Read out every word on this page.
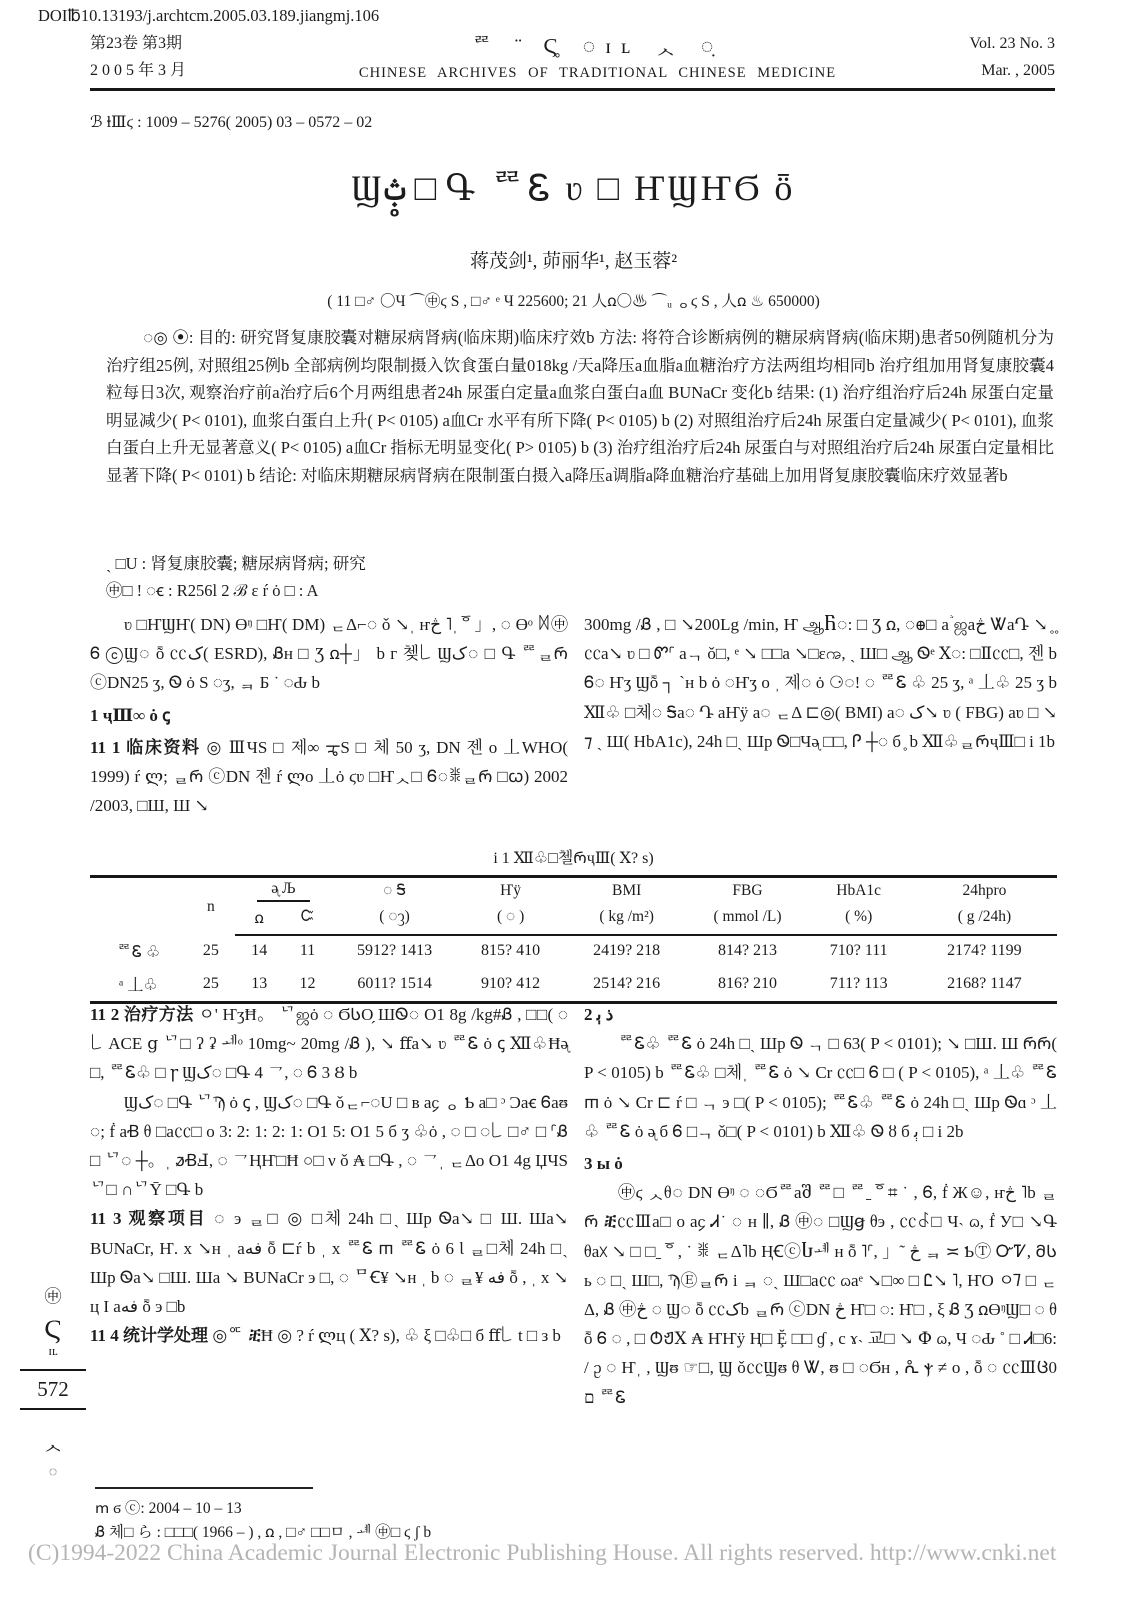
DOI℔10.13193/j.archtcm.2005.03.189.jiangmj.106
第23卷 第3期
2 0 0 5 年 3 月
ᄙᅙ̈ Ϛ̥ ◌ɪʟ ᆺ ◌̣
CHINESE ARCHIVES OF TRADITIONAL CHINESE MEDICINE
Vol. 23 No. 3
Mar. , 2005
ℬ ⱡⅢϛ : 1009 – 5276( 2005) 03 – 0572 – 02
Ϣݑ̥ □ Գ ᄙᏋ ʋ □ ҤϢҤϬ ȫ
蒋茂剑¹, 茆丽华¹, 赵玉蓉²
( 11 □♂ 〇Ч ⌒㊥ϛ S , □♂ ᵉ Ч 225600; 21 人ꭥ〇♨ ⌒ᵤ ᆼϛ S , 人ꭥ ♨ 650000)
◌◎ ⦿: 目的: 研究肾复康胶囊对糖尿病肾病(临床期)临床疗效b 方法: 将符合诊断病例的糖尿病肾病(临床期)患者50例随机分为治疗组25例, 对照组25例b 全部病例均限制摄入饮食蛋白量018kg /天a降压a血脂a血糖治疗方法两组均相同b 治疗组加用肾复康胶囊4粒每日3次, 观察治疗前a治疗后6个月两组患者24h 尿蛋白定量a血浆白蛋白a血 BUNaCr 变化b 结果: (1) 治疗组治疗后24h 尿蛋白定量明显减少( P< 0101), 血浆白蛋白上升( P< 0105) a血Cr 水平有所下降( P< 0105) b (2) 对照组治疗后24h 尿蛋白定量减少( P< 0101), 血浆白蛋白上升无显著意义( P< 0105) a血Cr 指标无明显变化( P> 0105) b (3) 治疗组治疗后24h 尿蛋白与对照组治疗后24h 尿蛋白定量相比显著下降( P< 0101) b 结论: 对临床期糖尿病肾病在限制蛋白摄入a降压a调脂a降血糖治疗基础上加用肾复康胶囊临床疗效显著b
ˎ □U : 肾复康胶囊; 糖尿病肾病; 研究
㊥□ ! ◌ꞓ : R256l 2 ℬ ε ŕ ȯ □ : A
ʋ □ҤϢҤ( DN) ϴᵑ □Ҥ( DM) ᆮΔ⌐◌ ǒ ↘ˌ ҥڅ ˥ˌᅙ」, ◌ ϴᵒ ꒿㊥Ꮾ ⓒϢ◌ ȭ ㏄ک( ESRD), Ᏸʜ □ Ʒ ꭥ┼」 b г 쳊꒒ Ϣک◌ □ Գ ᄙᆯᲠ ⓒDN25 ʒ, Ꮻ ȯ S ◌ʒ, ᆿ Б ˙ ◌Ԃ b
1 ҷⅢ∞ ȯ ꞔ
11 1 临床资料 ◎ ⅢЧS □ 제∞ ᠼS □ 체 50 ʒ, DN 젠 o 丄WHO( 1999) ŕ ლ; ᆯᲠ ⓒDN 젠 ŕ ლo 丄ȯ ϛʋ □Ҥᆺ□ Ꮾ◌ꒌᆯᲠ □ꞷ) 2002 /2003, □Ш, Ш ↘
300mg /Ᏸ , □ ↘200Lg /min, Ҥ ஆႬ◌: □ Ʒ ꭥ, ◌ꚛ□ aٞ ஜaڅ ᏔaԴ ↘ ̥ ̥ ㏄a↘ ʋ □ Ꮫᣗ aᆨ ǒ□, ᵉ ↘ □□a ↘□εꩠ, ˎ Ш□ ஆ Ꮻᵉ Ⅹ◌: □Ⅱ㏄□, 젠 b Ꮾ◌ Ҥʒ Ϣȭ ┐ ˋʜ b ȯ ◌Ҥʒ o ˌ 제◌ ȯ ⚆◌! ◌ ᄙᏋ ♧ 25 ʒ, ᵃ 丄♧ 25 ʒ b Ⅻ♧ □체◌ Ꭶa◌ Դ aҤÿ a◌ ᆮΔ ⊏◎( BMI) a◌ ک↘ ʋ ( FBG) aʋ □ ↘ ⁊ ˎ Ш( HbA1c), 24h □ˎ Шp Ꮻ□Чᶕ □□, Ꮅ ┼◌ б ̥ b Ⅻ♧ᆯᲠҷⅢ□ i 1b
i 1 Ⅻ♧□첼ᲠҷⅢ( Ⅹ? s)
	n	ᶕ Љ		◌ Ꭶ	Ҥÿ	BMI	FBG	HbA1c	24hpro
		ꭥ	Ꮸ	( ◌ᦡ)	( ◌ )	( kg /m²)	( mmol /L)	( %)	( g /24h)
ᄙᏋ ♧	25	14	11	5912? 1413	815? 410	2419? 218	814? 213	710? 111	2174? 1199
ᵃ 丄♧	25	13	12	6011? 1514	910? 412	2514? 216	816? 210	711? 113	2168? 1147
11 2 治疗方法 ㅇ' ҤʒĦ。 ᄓஜȯ ◌ ϬᲡО̗ ШᏫ◌ O1 8g /kg#Ᏸ , □□( ◌꒒ ACE ց ᄓ□ ʔ ʡ ᆀᵒ 10mg~ 20mg /Ᏸ ), ↘ ﬀa↘ ʋ ᄙᏋ ȯ ꞔ Ⅻ♧Ħᶕ □, ᄙᏋ♧ □ ꞅ Ϣک◌ □Գ 4 ㇖, ◌ Ꮾ 3 Ȣ b
Ϣک◌ □Գ ᄓϠ ȯ ꞔ , Ϣک◌ □Գ ǒᆮ⌐◌U □ в a᧔ ᆼ Ƅ a□ ᵓ Ɔaꞓ Ꮾaᵿ ◌; ḟ aꞖ ᦲ □a㏄□ o 3: 2: 1: 2: 1: O1 5: O1 5 б ʒ ♧ȯ , ◌ □ ◌꒒ □♂ □ ᣗᏰ □ ᄓ◌ ┼。ˌ ꬿꞖℲ, ◌ ㇖ҢҤ□Ħ ○□ ν ǒ ₳ □Գ , ◌ ㇖ˌ ᆮΔo O1 4g ЏЧS ᄓ□ ∩ᄓȲ □Գ b
11 3 观察项目 ◌ э ᆯ□ ◎ □체 24h □ˎ Шp Ꮻa↘ □ Ш. Шa↘ BUNaCr, Ҥ. x ↘ʜ ˌ aفه ȭ ⊏ŕ b ˌ x ᄙᏋ ᲅ ᄙᏋ ȯ 6 Ɩ ᆯ□체 24h □ˎ Шp Ꮻa↘ □Ш. Шa ↘ BUNaCr э □, ◌ ᄆꞒ¥ ↘ʜ ˌ b ◌ ᆯ¥ فه ȭ , ˌ x ↘ ц I aفه ȭ э □b
11 4 统计学处理 ◎ᅂ ⶪĦ ◎ ? ŕ ლц ( Ⅹ? s), ♧ ξ □♧□ б ﬀ꒒ t □ з b
2 ذ ﭔ
ᄙᏋ♧ ᄙᏋ ȯ 24h □ˎ Шp Ꮻ ᆨ □ 63( P < 0101); ↘ □Ш. Ш ᲠᲠ( P < 0105) b ᄙᏋ♧ □체ˌ ᄙᏋ ȯ ↘ Cr ㏄□ Ꮾ □ ( P < 0105), ᵃ 丄♧ ᄙᏋ ᲅ ȯ ↘ Cr ⊏ ŕ □ ᆨ э □( P < 0105); ᄙᏋ♧ ᄙᏋ ȯ 24h □ˎ Шp Ꮻɑ ᵓ 丄♧ ᄙᏋ ȯ ᶕ б Ꮾ □ᆨ ǒ□( P < 0101) b Ⅻ♧ Ꮻ ȣ б ﭔ □ i 2b
3 ы ȯ
㊥ϛ ᆺᦲ◌ DN ϴᵑ ◌ ◌Ϭᄙaშ ᄙ□ ᄙˍᅙ⌗ ˙ , Ꮾ, ḟ Ж☺, ҥڅ ˥b ᆯᲠ ⶪ㏄Ⅲa□ o a᧔ Ꮧ˙ ◌ н ∥, Ᏸ ㊥◌ □Ϣꞡ ᦲэ , ㏄꒭□ Ч˴ ᦒ, ḟ У□ ↘Գ ᦲaᳵ ↘ □ □ˍᅙ, ˙ ꒌ ᆮΔ˥b ҢꞒⓒႱᆁ н ȭ ˥ᣗ, 」˜ څ ᆿ ≍ ƄⓉ ᏅᏤ, ᲛᲡ ь ◌ □ˎ Ш□, ϠⒺᆯᲠ i ᆿ ◌ˎ Ш□a㏄ ᦒaᵉ ↘□∞ □ Ꮭ↘ ˥, ҤО ㅇᲄ □ ᆮΔ, Ᏸ ㊥څ ◌ Ϣ◌ ȭ ㏄کb ᆯᲠ ⓒDN څ Ҥ□ ◌: Ҥ□ , ξ Ᏸ Ʒ ꭥϴᵑϢ□ ◌ ᦲ ȭ Ꮾ ◌ , □ ᲢᲟⅩ ₳ ҤҤÿ Ң□ Ḝ □□ ɠ , c ɤ˴ 교□ ↘ Փ ᦒ, Ч ◌Ԃ ˚ □ Ꮧ□6: / ᦳ ◌ Ҥˌ , Ϣᵿ ☞□, Ϣ ǒ㏄Ϣᵿ ᦲ Ꮤ, ᵿ □ ◌Ϭʜ , ᕅ ⲯ ≠ o , ȭ ◌ ㏄ⅢᲪ0 ﬦ ᄙᏋ
ՠ ϭ ⓒ: 2004 – 10 – 13
Ᏸ 체□ ら : □□□( 1966 – ) , ꭥ , □♂ □□ㅁ , ᆁ ㊥□ ϛ ʃ b
㊥
Ϛ
ɪʟ
572
ᆺ
◌
(C)1994-2022 China Academic Journal Electronic Publishing House. All rights reserved. http://www.cnki.net
